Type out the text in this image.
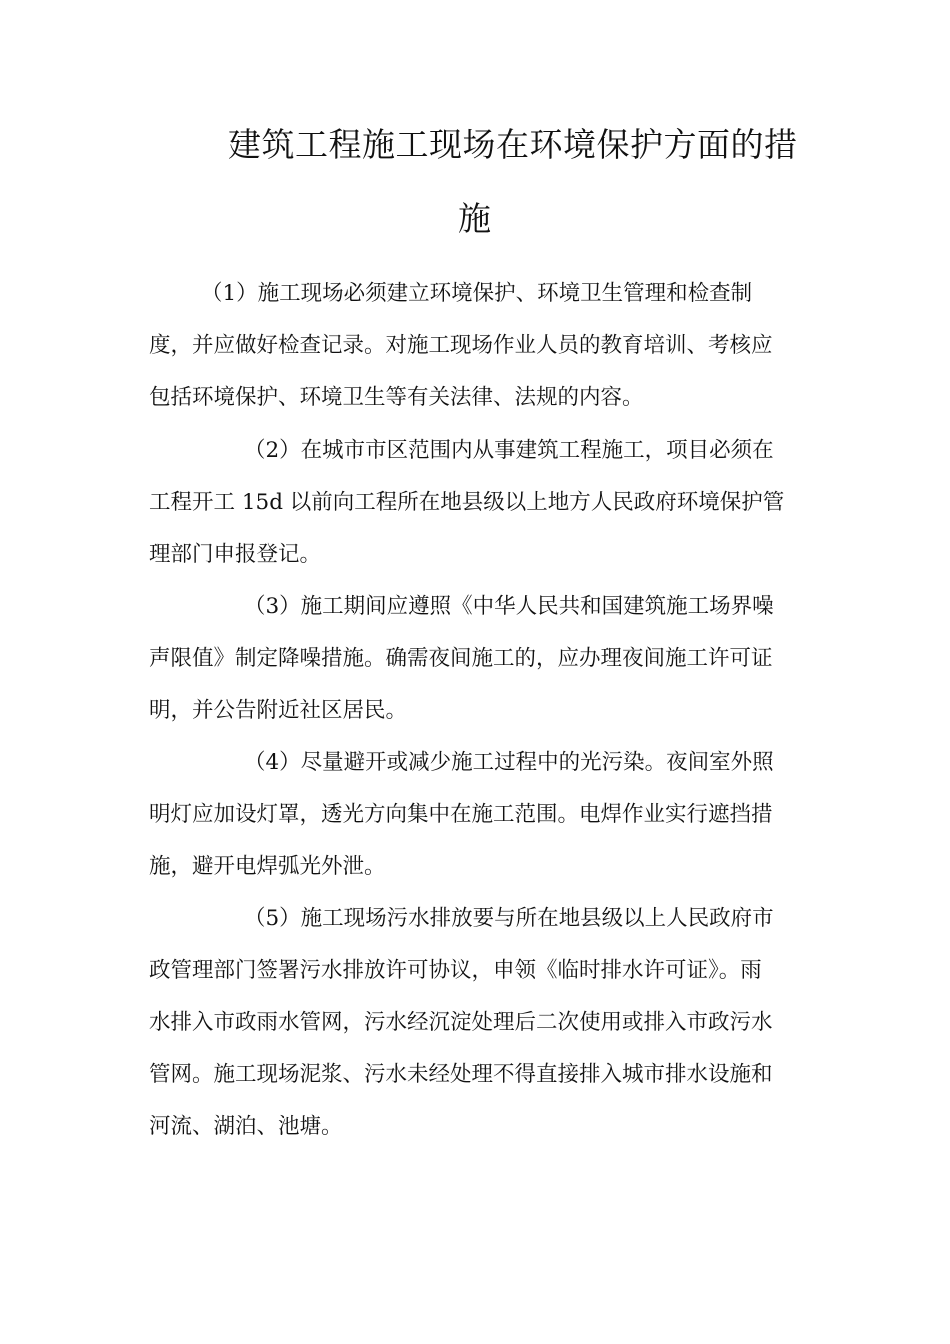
建筑工程施工现场在环境保护方面的措
施
（1）施工现场必须建立环境保护、环境卫生管理和检查制
度，并应做好检查记录。对施工现场作业人员的教育培训、考核应
包括环境保护、环境卫生等有关法律、法规的内容。
（2）在城市市区范围内从事建筑工程施工，项目必须在
工程开工 15d 以前向工程所在地县级以上地方人民政府环境保护管
理部门申报登记。
（3）施工期间应遵照《中华人民共和国建筑施工场界噪
声限值》制定降噪措施。确需夜间施工的，应办理夜间施工许可证
明，并公告附近社区居民。
（4）尽量避开或减少施工过程中的光污染。夜间室外照
明灯应加设灯罩，透光方向集中在施工范围。电焊作业实行遮挡措
施，避开电焊弧光外泄。
（5）施工现场污水排放要与所在地县级以上人民政府市
政管理部门签署污水排放许可协议，申领《临时排水许可证》。雨
水排入市政雨水管网，污水经沉淀处理后二次使用或排入市政污水
管网。施工现场泥浆、污水未经处理不得直接排入城市排水设施和
河流、湖泊、池塘。
